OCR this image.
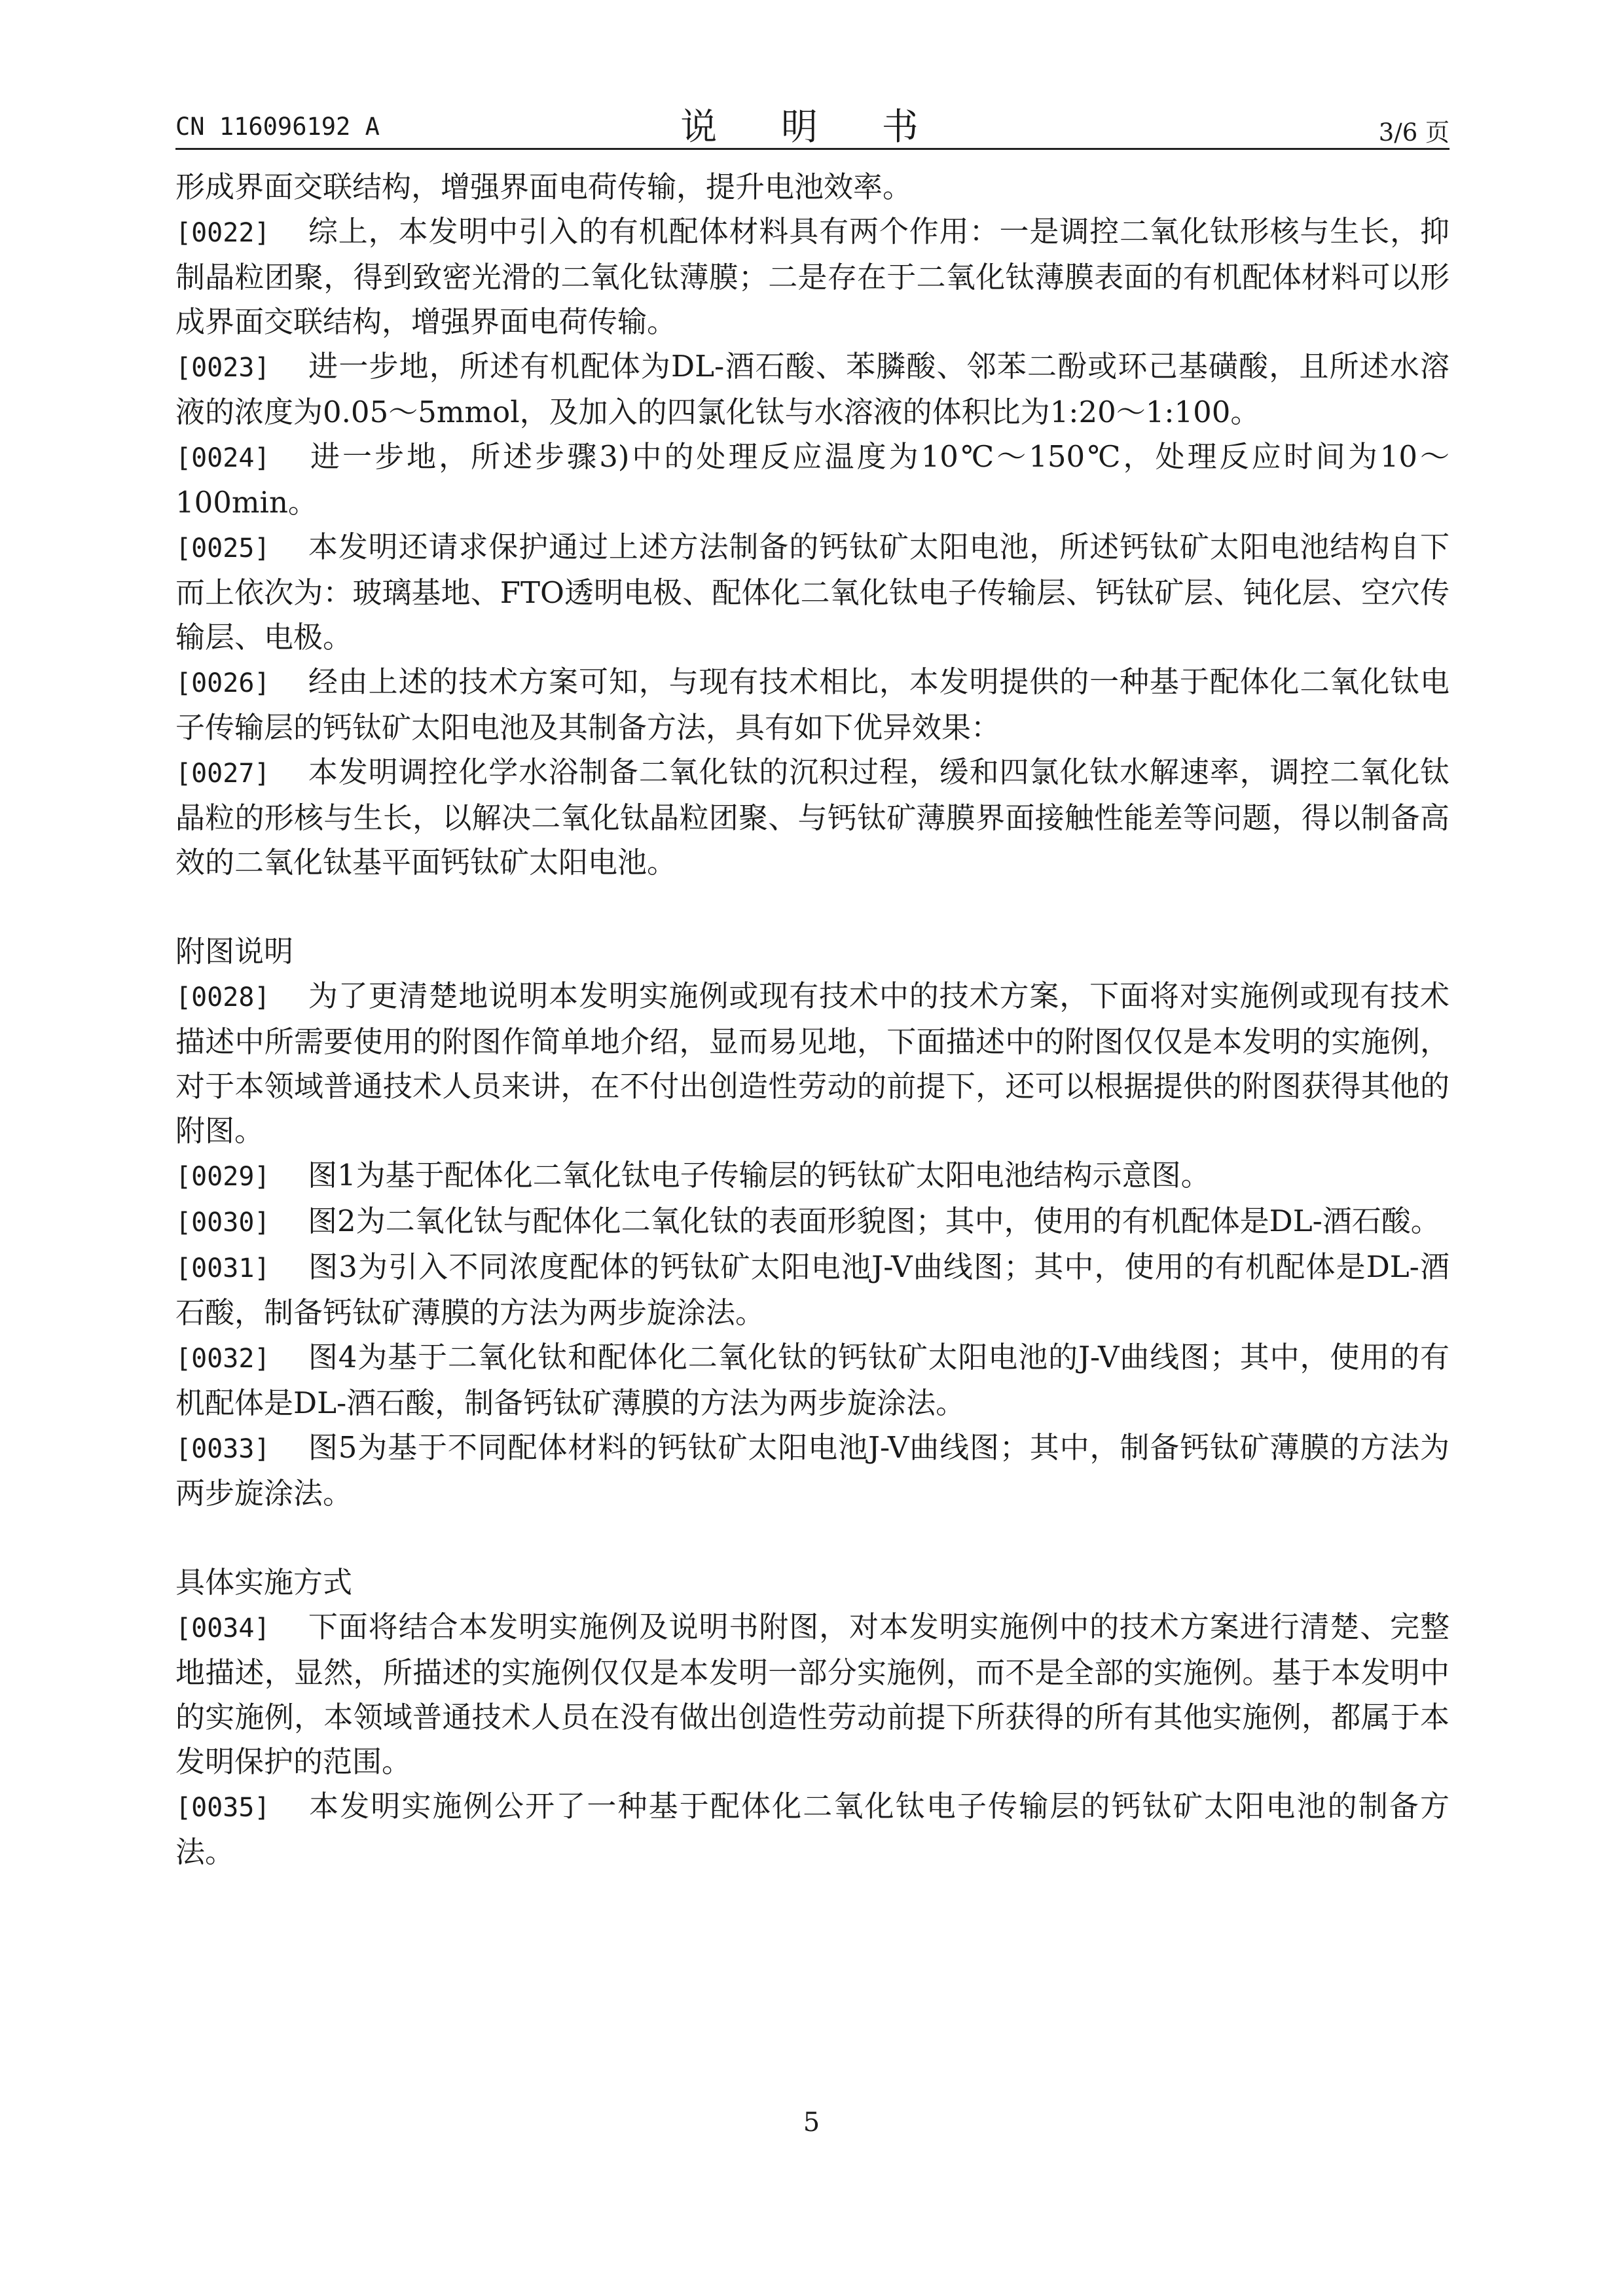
CN 116096192 A	说 明 书	3/6 页

形成界面交联结构，增强界面电荷传输，提升电池效率。

[0022] 综上，本发明中引入的有机配体材料具有两个作用：一是调控二氧化钛形核与生长，抑制晶粒团聚，得到致密光滑的二氧化钛薄膜；二是存在于二氧化钛薄膜表面的有机配体材料可以形成界面交联结构，增强界面电荷传输。

[0023] 进一步地，所述有机配体为DL-酒石酸、苯膦酸、邻苯二酚或环己基磺酸，且所述水溶液的浓度为0.05～5mmol，及加入的四氯化钛与水溶液的体积比为1:20～1:100。

[0024] 进一步地，所述步骤3)中的处理反应温度为10℃～150℃，处理反应时间为10～100min。

[0025] 本发明还请求保护通过上述方法制备的钙钛矿太阳电池，所述钙钛矿太阳电池结构自下而上依次为：玻璃基地、FTO透明电极、配体化二氧化钛电子传输层、钙钛矿层、钝化层、空穴传输层、电极。

[0026] 经由上述的技术方案可知，与现有技术相比，本发明提供的一种基于配体化二氧化钛电子传输层的钙钛矿太阳电池及其制备方法，具有如下优异效果：

[0027] 本发明调控化学水浴制备二氧化钛的沉积过程，缓和四氯化钛水解速率，调控二氧化钛晶粒的形核与生长，以解决二氧化钛晶粒团聚、与钙钛矿薄膜界面接触性能差等问题，得以制备高效的二氧化钛基平面钙钛矿太阳电池。

附图说明

[0028] 为了更清楚地说明本发明实施例或现有技术中的技术方案，下面将对实施例或现有技术描述中所需要使用的附图作简单地介绍，显而易见地，下面描述中的附图仅仅是本发明的实施例，对于本领域普通技术人员来讲，在不付出创造性劳动的前提下，还可以根据提供的附图获得其他的附图。

[0029] 图1为基于配体化二氧化钛电子传输层的钙钛矿太阳电池结构示意图。

[0030] 图2为二氧化钛与配体化二氧化钛的表面形貌图；其中，使用的有机配体是DL-酒石酸。

[0031] 图3为引入不同浓度配体的钙钛矿太阳电池J-V曲线图；其中，使用的有机配体是DL-酒石酸，制备钙钛矿薄膜的方法为两步旋涂法。

[0032] 图4为基于二氧化钛和配体化二氧化钛的钙钛矿太阳电池的J-V曲线图；其中，使用的有机配体是DL-酒石酸，制备钙钛矿薄膜的方法为两步旋涂法。

[0033] 图5为基于不同配体材料的钙钛矿太阳电池J-V曲线图；其中，制备钙钛矿薄膜的方法为两步旋涂法。

具体实施方式

[0034] 下面将结合本发明实施例及说明书附图，对本发明实施例中的技术方案进行清楚、完整地描述，显然，所描述的实施例仅仅是本发明一部分实施例，而不是全部的实施例。基于本发明中的实施例，本领域普通技术人员在没有做出创造性劳动前提下所获得的所有其他实施例，都属于本发明保护的范围。

[0035] 本发明实施例公开了一种基于配体化二氧化钛电子传输层的钙钛矿太阳电池的制备方法。

5
